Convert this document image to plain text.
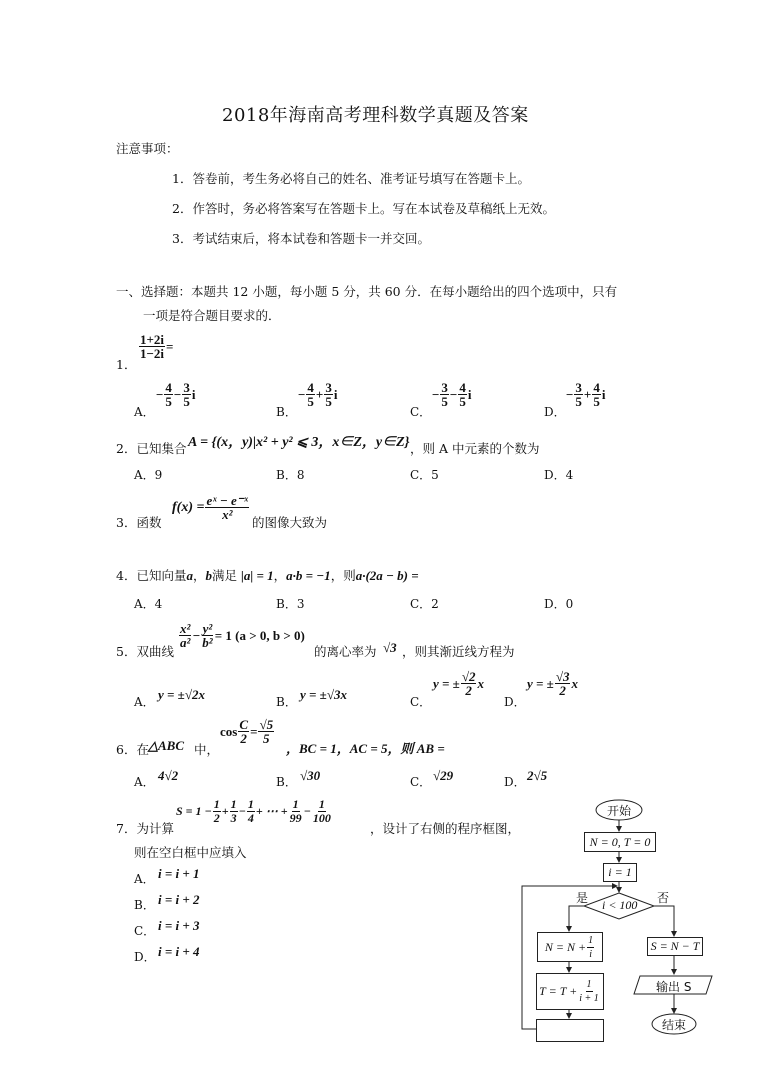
2018年海南高考理科数学真题及答案
注意事项：
1．答卷前，考生务必将自己的姓名、准考证号填写在答题卡上。
2．作答时，务必将答案写在答题卡上。写在本试卷及草稿纸上无效。
3．考试结束后，将本试卷和答题卡一并交回。
一、选择题：本题共 12 小题，每小题 5 分，共 60 分．在每小题给出的四个选项中，只有
一项是符合题目要求的．
1．
$\frac{1+2i}{1-2i}$ =
A．
− $\frac{4}{5} - \frac{3}{5}$ i
B．
− $\frac{4}{5} + \frac{3}{5}$ i
C．
− $\frac{3}{5} - \frac{4}{5}$ i
D．
− $\frac{3}{5} + \frac{4}{5}$ i
2．已知集合 A = {(x，y)|x² + y² ⩽ 3，x∈Z，y∈Z} ，则 A 中元素的个数为
A．9	B．8	C．5	D．4
3．函数
$f(x) = \frac{\text{eˣ − e⁻ˣ}}{\text{x²}}$
的图像大致为
4．已知向量 a ， b 满足 |a| = 1 ， a·b = −1 ，则 a·(2a − b) =
A．4	B．3	C．2	D．0
5．双曲线
$\frac{\text{x²}}{\text{a²}} - \frac{\text{y²}}{\text{b²}} = 1$ (a > 0, b > 0)
的离心率为 √3 ，则其渐近线方程为
A． y = ±√2x	B． y = ±√3x	C．
y = ± $\frac{√2}{2}$ x
D．
y = ± $\frac{√3}{2}$ x
6．在 △ABC 中，
$\cos \frac{C}{2} = \frac{√5}{5}$
，BC = 1，AC = 5，则 AB =
A． 4√2	B． √30	C． √29	D． 2√5
7．为计算
$S = 1 - \frac{1}{2} + \frac{1}{3} - \frac{1}{4}$ + ⋯ + $\frac{1}{99} - \frac{1}{100}$
，设计了右侧的程序框图，
则在空白框中应填入
A． i = i + 1
B． i = i + 2
C． i = i + 3
D． i = i + 4
开始
N = 0, T = 0
i = 1
i < 100
是	否
$N = N + \frac{1}{i}$
$T = T + \frac{1}{i + 1}$
S = N − T
输出 S
结束
